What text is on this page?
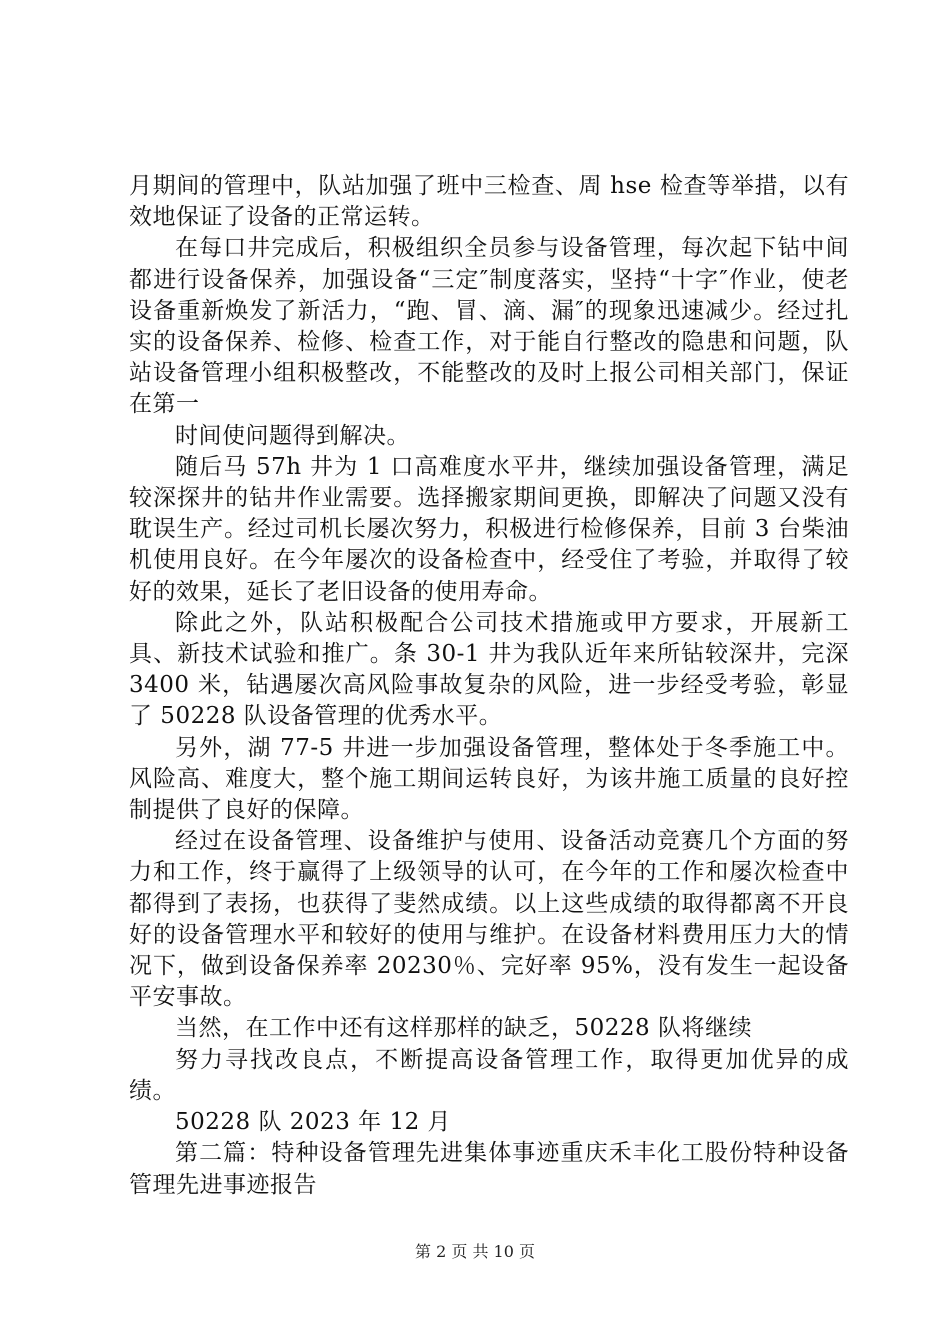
月期间的管理中，队站加强了班中三检查、周 hse 检查等举措，以有效地保证了设备的正常运转。

在每口井完成后，积极组织全员参与设备管理，每次起下钻中间都进行设备保养，加强设备“三定″制度落实，坚持“十字″作业，使老设备重新焕发了新活力，“跑、冒、滴、漏″的现象迅速减少。经过扎实的设备保养、检修、检查工作，对于能自行整改的隐患和问题，队站设备管理小组积极整改，不能整改的及时上报公司相关部门，保证在第一

时间使问题得到解决。

随后马 57h 井为 1 口高难度水平井，继续加强设备管理，满足较深探井的钻井作业需要。选择搬家期间更换，即解决了问题又没有耽误生产。经过司机长屡次努力，积极进行检修保养，目前 3 台柴油机使用良好。在今年屡次的设备检查中，经受住了考验，并取得了较好的效果，延长了老旧设备的使用寿命。

除此之外，队站积极配合公司技术措施或甲方要求，开展新工具、新技术试验和推广。条 30-1 井为我队近年来所钻较深井，完深 3400 米，钻遇屡次高风险事故复杂的风险，进一步经受考验，彰显了 50228 队设备管理的优秀水平。

另外，湖 77-5 井进一步加强设备管理，整体处于冬季施工中。风险高、难度大，整个施工期间运转良好，为该井施工质量的良好控制提供了良好的保障。

经过在设备管理、设备维护与使用、设备活动竞赛几个方面的努力和工作，终于赢得了上级领导的认可，在今年的工作和屡次检查中都得到了表扬，也获得了斐然成绩。以上这些成绩的取得都离不开良好的设备管理水平和较好的使用与维护。在设备材料费用压力大的情况下，做到设备保养率 20230％、完好率 95%，没有发生一起设备平安事故。

当然，在工作中还有这样那样的缺乏，50228 队将继续

努力寻找改良点，不断提高设备管理工作，取得更加优异的成绩。

50228 队 2023 年 12 月

第二篇：特种设备管理先进集体事迹重庆禾丰化工股份特种设备管理先进事迹报告

第 2 页 共 10 页
